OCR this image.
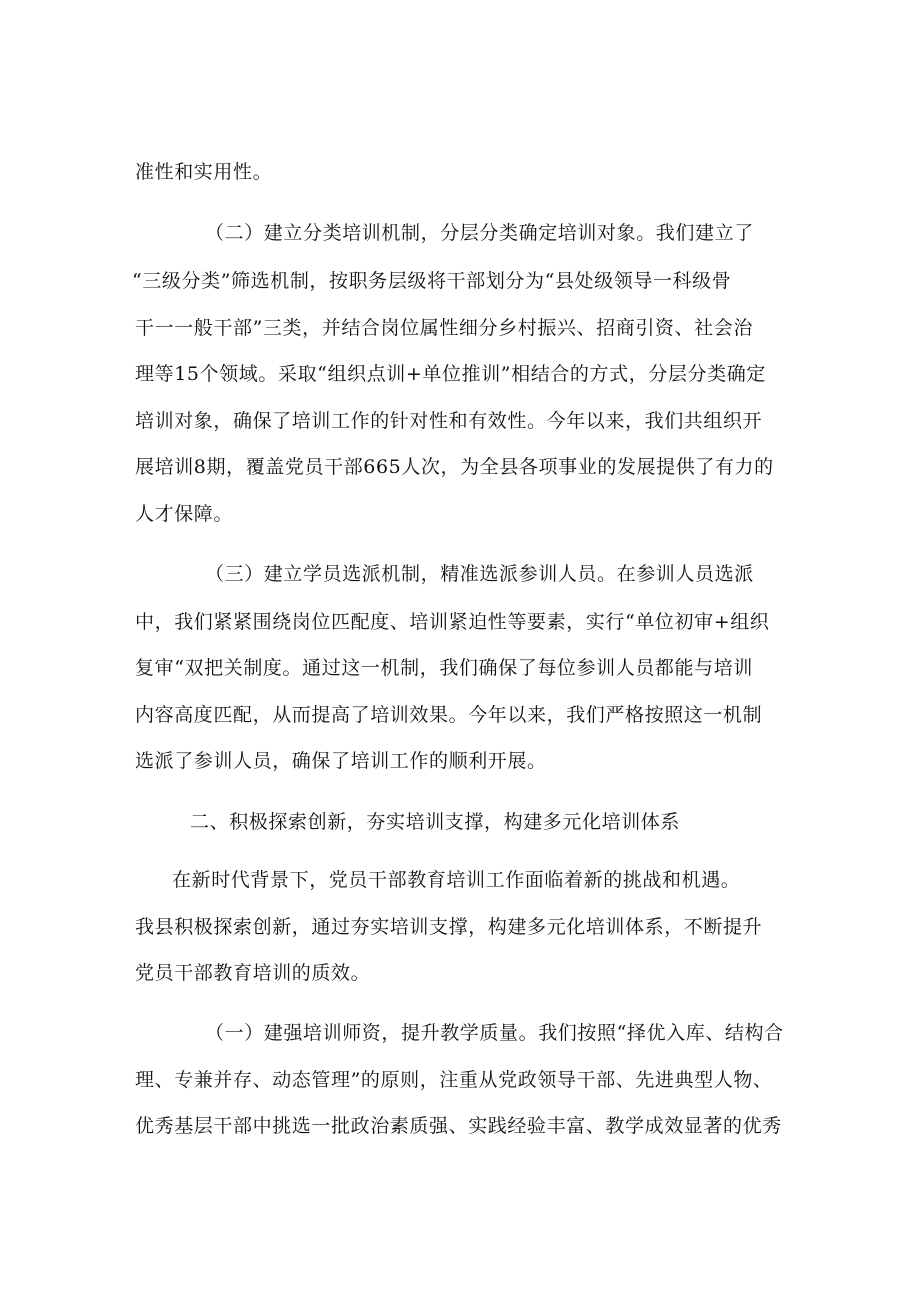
准性和实用性。
（二）建立分类培训机制，分层分类确定培训对象。我们建立了
“三级分类”筛选机制，按职务层级将干部划分为“县处级领导一科级骨
干一一般干部”三类，并结合岗位属性细分乡村振兴、招商引资、社会治
理等15个领域。采取“组织点训+单位推训”相结合的方式，分层分类确定
培训对象，确保了培训工作的针对性和有效性。今年以来，我们共组织开
展培训8期，覆盖党员干部665人次，为全县各项事业的发展提供了有力的
人才保障。
（三）建立学员选派机制，精准选派参训人员。在参训人员选派
中，我们紧紧围绕岗位匹配度、培训紧迫性等要素，实行“单位初审+组织
复审“双把关制度。通过这一机制，我们确保了每位参训人员都能与培训
内容高度匹配，从而提高了培训效果。今年以来，我们严格按照这一机制
选派了参训人员，确保了培训工作的顺利开展。
二、积极探索创新，夯实培训支撑，构建多元化培训体系
在新时代背景下，党员干部教育培训工作面临着新的挑战和机遇。
我县积极探索创新，通过夯实培训支撑，构建多元化培训体系，不断提升
党员干部教育培训的质效。
（一）建强培训师资，提升教学质量。我们按照“择优入库、结构合
理、专兼并存、动态管理”的原则，注重从党政领导干部、先进典型人物、
优秀基层干部中挑选一批政治素质强、实践经验丰富、教学成效显著的优秀
